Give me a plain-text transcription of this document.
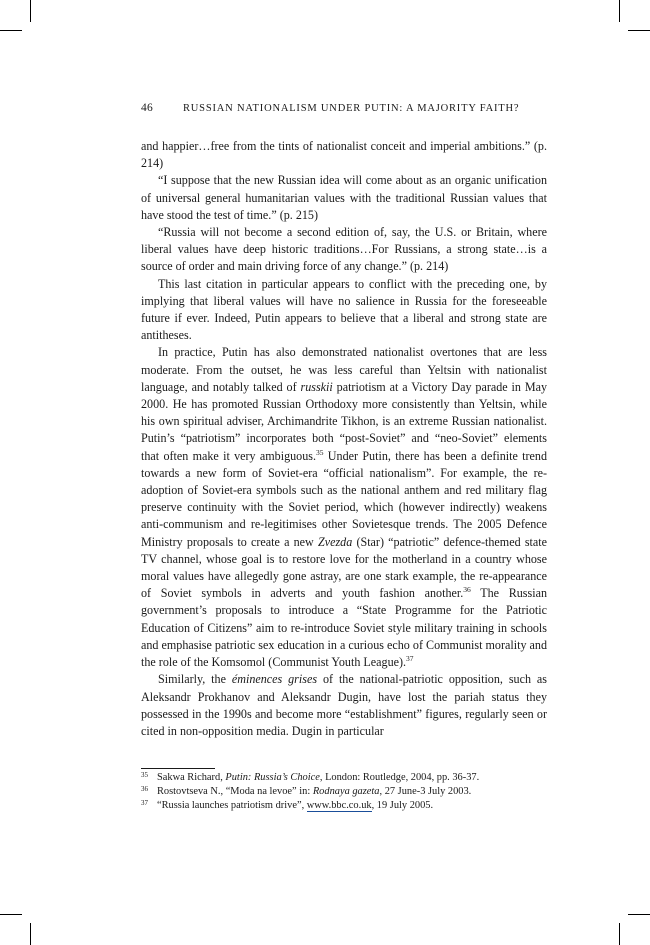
46	RUSSIAN NATIONALISM UNDER PUTIN: A MAJORITY FAITH?

and happier…free from the tints of nationalist conceit and imperial ambitions.” (p. 214)

“I suppose that the new Russian idea will come about as an organic unification of universal general humanitarian values with the traditional Russian values that have stood the test of time.” (p. 215)

“Russia will not become a second edition of, say, the U.S. or Britain, where liberal values have deep historic traditions…For Russians, a strong state…is a source of order and main driving force of any change.” (p. 214)

This last citation in particular appears to conflict with the preceding one, by implying that liberal values will have no salience in Russia for the foreseeable future if ever. Indeed, Putin appears to believe that a liberal and strong state are antitheses.

In practice, Putin has also demonstrated nationalist overtones that are less moderate. From the outset, he was less careful than Yeltsin with nationalist language, and notably talked of russkii patriotism at a Victory Day parade in May 2000. He has promoted Russian Orthodoxy more consistently than Yeltsin, while his own spiritual adviser, Archimandrite Tikhon, is an extreme Russian nationalist. Putin’s “patriotism” incorporates both “post-Soviet” and “neo-Soviet” elements that often make it very ambiguous.$^{35}$ Under Putin, there has been a definite trend towards a new form of Soviet-era “official nationalism”. For example, the re-adoption of Soviet-era symbols such as the national anthem and red military flag preserve continuity with the Soviet period, which (however indirectly) weakens anti-communism and re-legitimises other Sovietesque trends. The 2005 Defence Ministry proposals to create a new Zvezda (Star) “patriotic” defence-themed state TV channel, whose goal is to restore love for the motherland in a country whose moral values have allegedly gone astray, are one stark example, the re-appearance of Soviet symbols in adverts and youth fashion another.$^{36}$ The Russian government’s proposals to introduce a “State Programme for the Patriotic Education of Citizens” aim to re-introduce Soviet style military training in schools and emphasise patriotic sex education in a curious echo of Communist morality and the role of the Komsomol (Communist Youth League).$^{37}$

Similarly, the éminences grises of the national-patriotic opposition, such as Aleksandr Prokhanov and Aleksandr Dugin, have lost the pariah status they possessed in the 1990s and become more “establishment” figures, regularly seen or cited in non-opposition media. Dugin in particular

35 Sakwa Richard, Putin: Russia’s Choice, London: Routledge, 2004, pp. 36-37.
36 Rostovtseva N., “Moda na levoe” in: Rodnaya gazeta, 27 June-3 July 2003.
37 “Russia launches patriotism drive”, www.bbc.co.uk, 19 July 2005.
